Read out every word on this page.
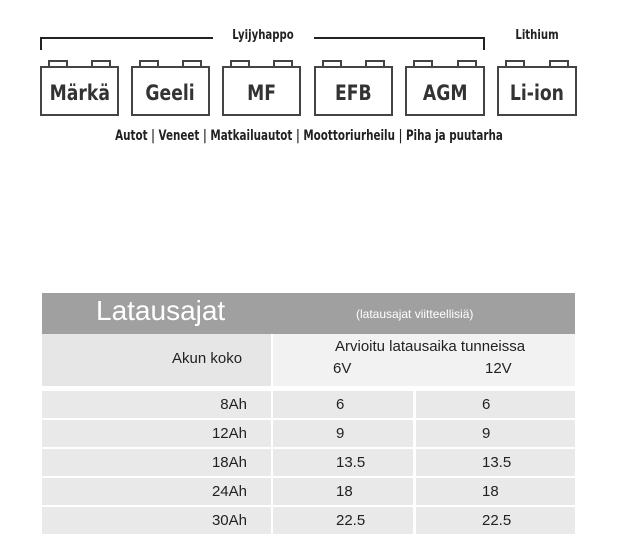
Lyijyhappo	Lithium
Märkä Geeli MF	EFB AGM Li-ion
Autot | Veneet | Matkailuautot | Moottoriurheilu | Piha ja puutarha
Latausajat	(latausajat viitteellisiä)
Akun koko
Arvioitu latausaika tunneissa
6V	12V
8Ah	6	6
12Ah	9	9
18Ah	13.5	13.5
24Ah	18	18
30Ah	22.5	22.5
